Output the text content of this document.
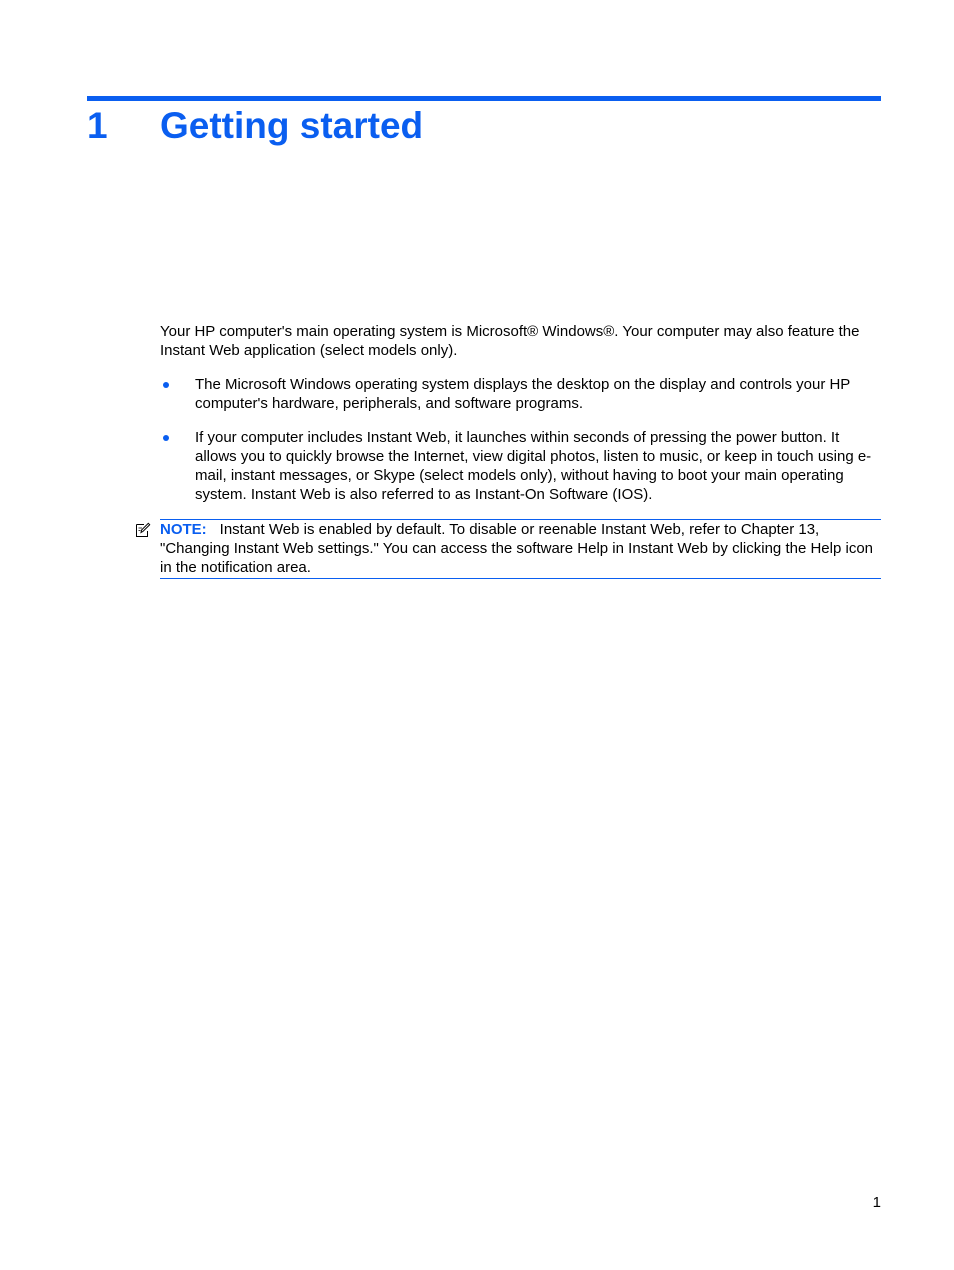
1 Getting started

Your HP computer's main operating system is Microsoft® Windows®. Your computer may also feature the Instant Web application (select models only).

The Microsoft Windows operating system displays the desktop on the display and controls your HP computer's hardware, peripherals, and software programs.
If your computer includes Instant Web, it launches within seconds of pressing the power button. It allows you to quickly browse the Internet, view digital photos, listen to music, or keep in touch using e-mail, instant messages, or Skype (select models only), without having to boot your main operating system. Instant Web is also referred to as Instant-On Software (IOS).
NOTE: Instant Web is enabled by default. To disable or reenable Instant Web, refer to Chapter 13, "Changing Instant Web settings." You can access the software Help in Instant Web by clicking the Help icon in the notification area.
1
